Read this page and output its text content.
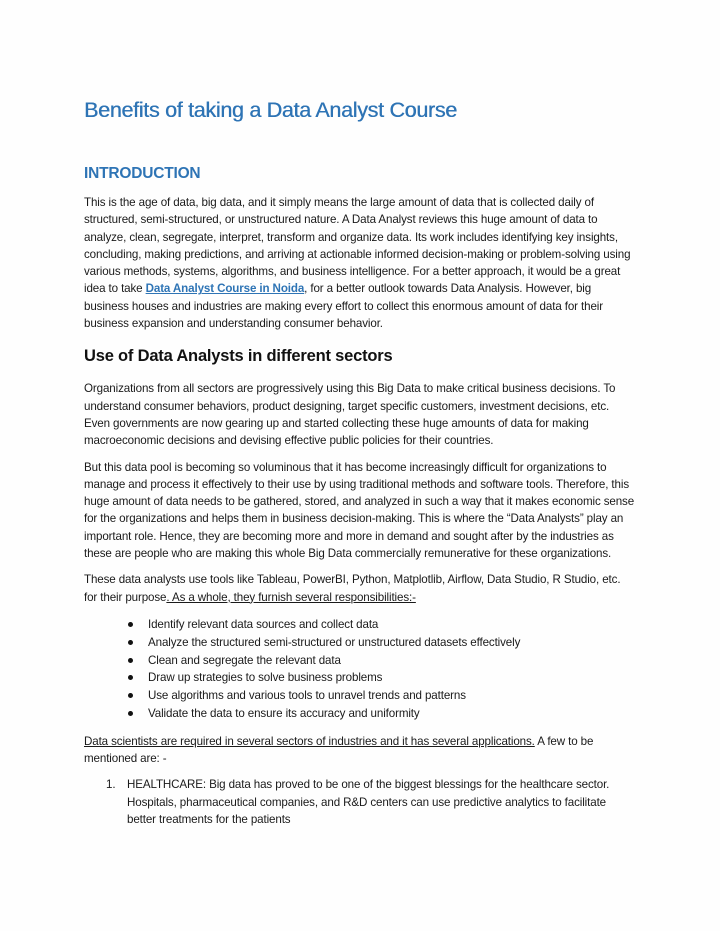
Benefits of taking a Data Analyst Course
INTRODUCTION

This is the age of data, big data, and it simply means the large amount of data that is collected daily of structured, semi-structured, or unstructured nature. A Data Analyst reviews this huge amount of data to analyze, clean, segregate, interpret, transform and organize data. Its work includes identifying key insights, concluding, making predictions, and arriving at actionable informed decision-making or problem-solving using various methods, systems, algorithms, and business intelligence. For a better approach, it would be a great idea to take Data Analyst Course in Noida, for a better outlook towards Data Analysis. However, big business houses and industries are making every effort to collect this enormous amount of data for their business expansion and understanding consumer behavior.

Use of Data Analysts in different sectors

Organizations from all sectors are progressively using this Big Data to make critical business decisions. To understand consumer behaviors, product designing, target specific customers, investment decisions, etc. Even governments are now gearing up and started collecting these huge amounts of data for making macroeconomic decisions and devising effective public policies for their countries.

But this data pool is becoming so voluminous that it has become increasingly difficult for organizations to manage and process it effectively to their use by using traditional methods and software tools. Therefore, this huge amount of data needs to be gathered, stored, and analyzed in such a way that it makes economic sense for the organizations and helps them in business decision-making. This is where the “Data Analysts” play an important role. Hence, they are becoming more and more in demand and sought after by the industries as these are people who are making this whole Big Data commercially remunerative for these organizations.

These data analysts use tools like Tableau, PowerBI, Python, Matplotlib, Airflow, Data Studio, R Studio, etc. for their purpose. As a whole, they furnish several responsibilities:-

Identify relevant data sources and collect data
Analyze the structured semi-structured or unstructured datasets effectively
Clean and segregate the relevant data
Draw up strategies to solve business problems
Use algorithms and various tools to unravel trends and patterns
Validate the data to ensure its accuracy and uniformity

Data scientists are required in several sectors of industries and it has several applications. A few to be mentioned are: -

1. HEALTHCARE: Big data has proved to be one of the biggest blessings for the healthcare sector. Hospitals, pharmaceutical companies, and R&D centers can use predictive analytics to facilitate better treatments for the patients
